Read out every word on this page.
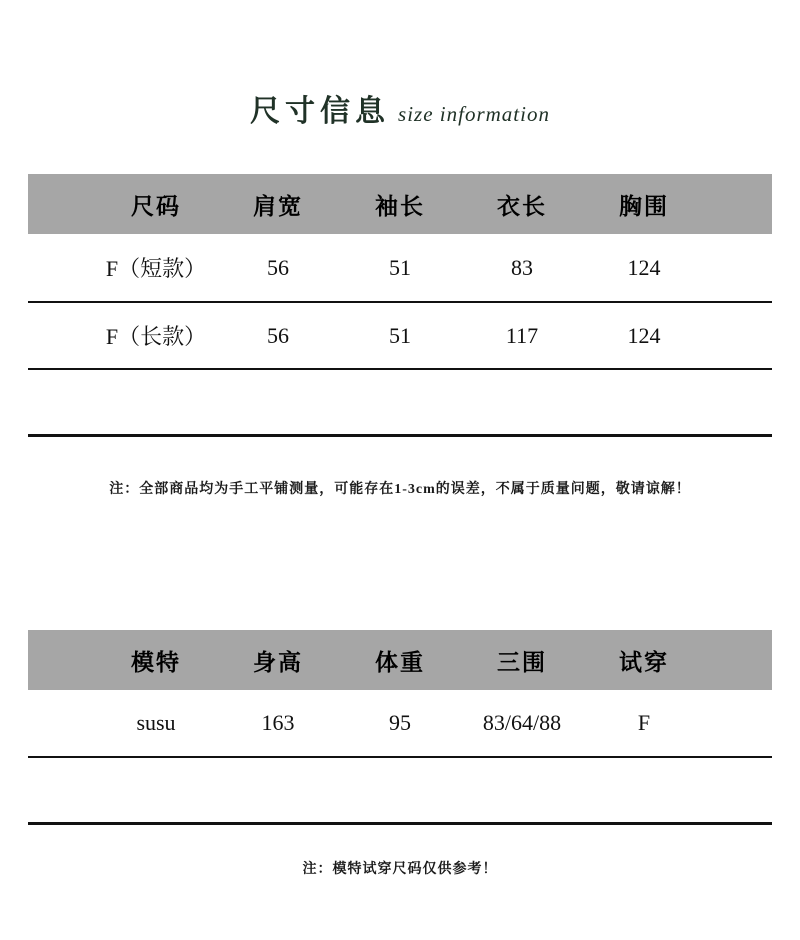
尺寸信息 size information
尺码	肩宽	袖长	衣长	胸围
F（短款）	56	51	83	124
F（长款）	56	51	117	124
注：全部商品均为手工平铺测量，可能存在1-3cm的误差，不属于质量问题，敬请谅解！
模特	身高	体重	三围	试穿
susu	163	95	83/64/88	F
注：模特试穿尺码仅供参考！
